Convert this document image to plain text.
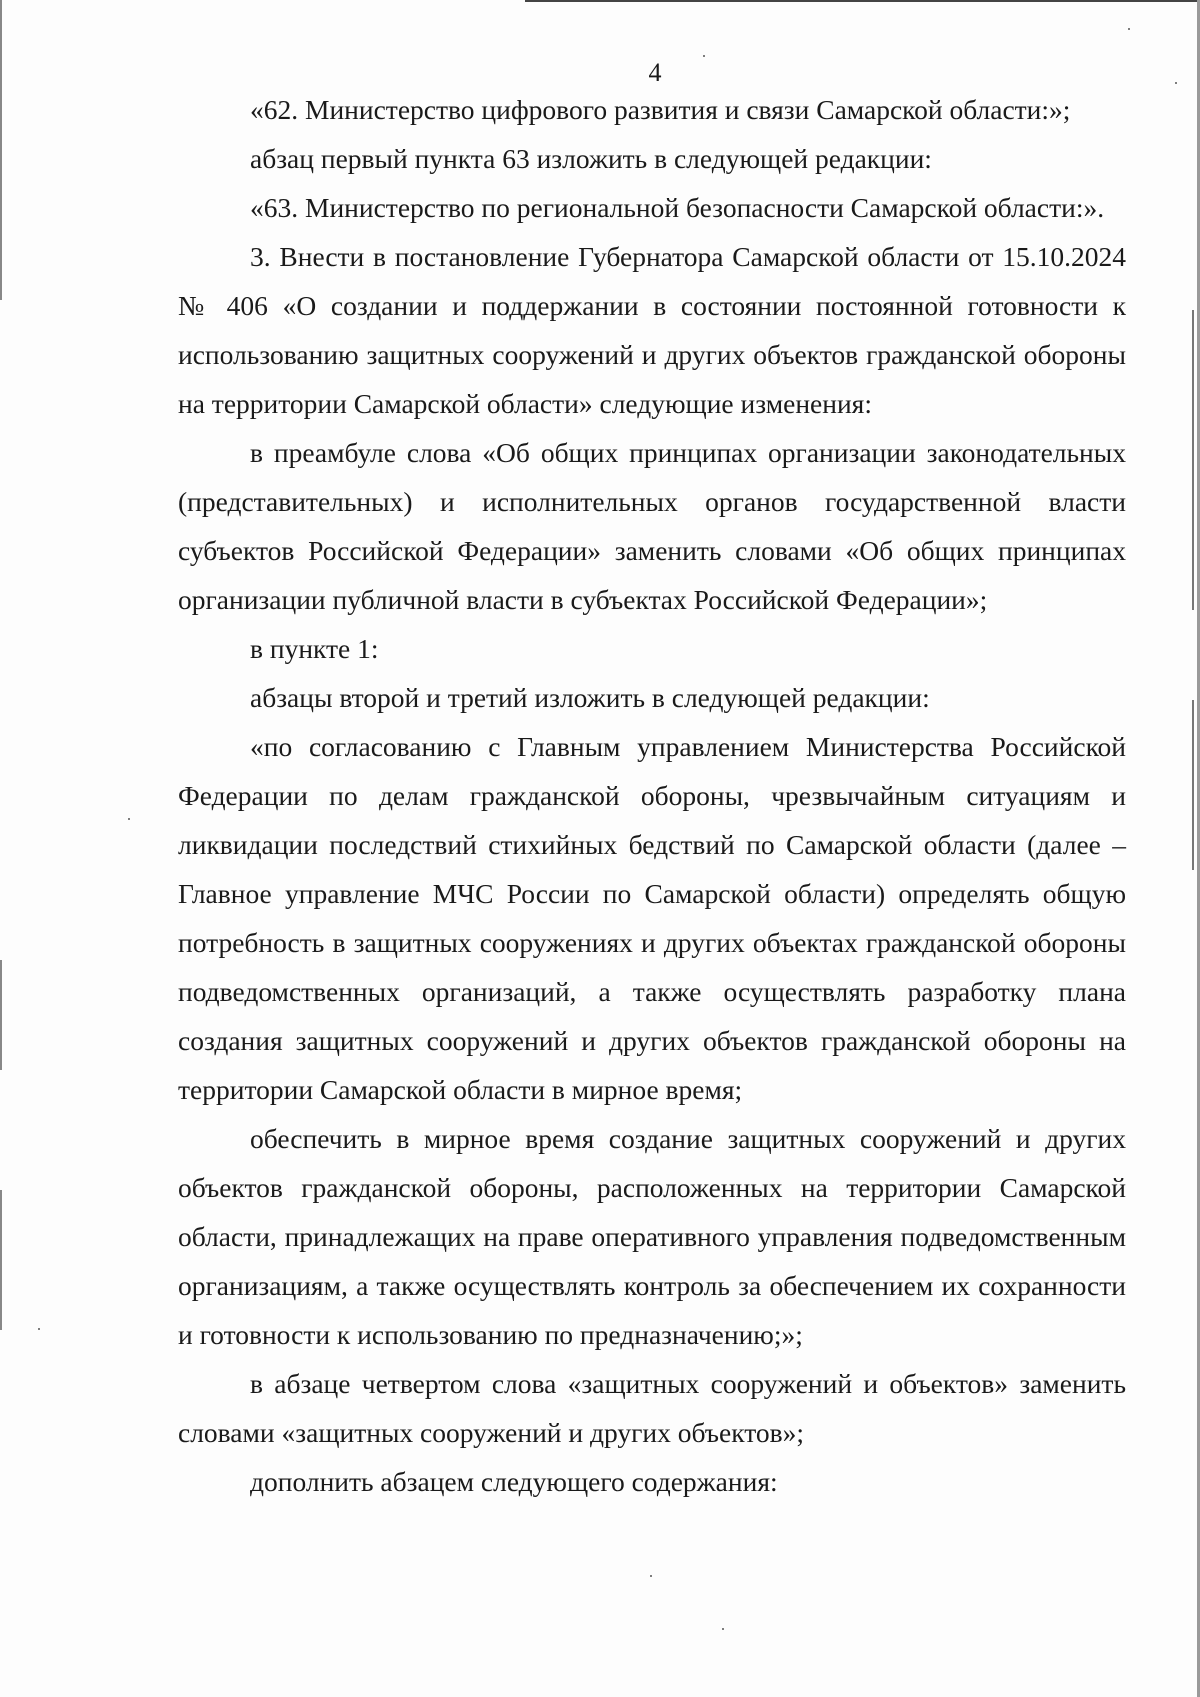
4

«62. Министерство цифрового развития и связи Самарской области:»;

абзац первый пункта 63 изложить в следующей редакции:

«63. Министерство по региональной безопасности Самарской области:».

3. Внести в постановление Губернатора Самарской области от 15.10.2024 № 406 «О создании и поддержании в состоянии постоянной готовности к использованию защитных сооружений и других объектов гражданской обороны на территории Самарской области» следующие изменения:

в преамбуле слова «Об общих принципах организации законодательных (представительных) и исполнительных органов государственной власти субъектов Российской Федерации» заменить словами «Об общих принципах организации публичной власти в субъектах Российской Федерации»;

в пункте 1:

абзацы второй и третий изложить в следующей редакции:

«по согласованию с Главным управлением Министерства Российской Федерации по делам гражданской обороны, чрезвычайным ситуациям и ликвидации последствий стихийных бедствий по Самарской области (далее – Главное управление МЧС России по Самарской области) определять общую потребность в защитных сооружениях и других объектах гражданской обороны подведомственных организаций, а также осуществлять разработку плана создания защитных сооружений и других объектов гражданской обороны на территории Самарской области в мирное время;

обеспечить в мирное время создание защитных сооружений и других объектов гражданской обороны, расположенных на территории Самарской области, принадлежащих на праве оперативного управления подведомственным организациям, а также осуществлять контроль за обеспечением их сохранности и готовности к использованию по предназначению;»;

в абзаце четвертом слова «защитных сооружений и объектов» заменить словами «защитных сооружений и других объектов»;

дополнить абзацем следующего содержания:
